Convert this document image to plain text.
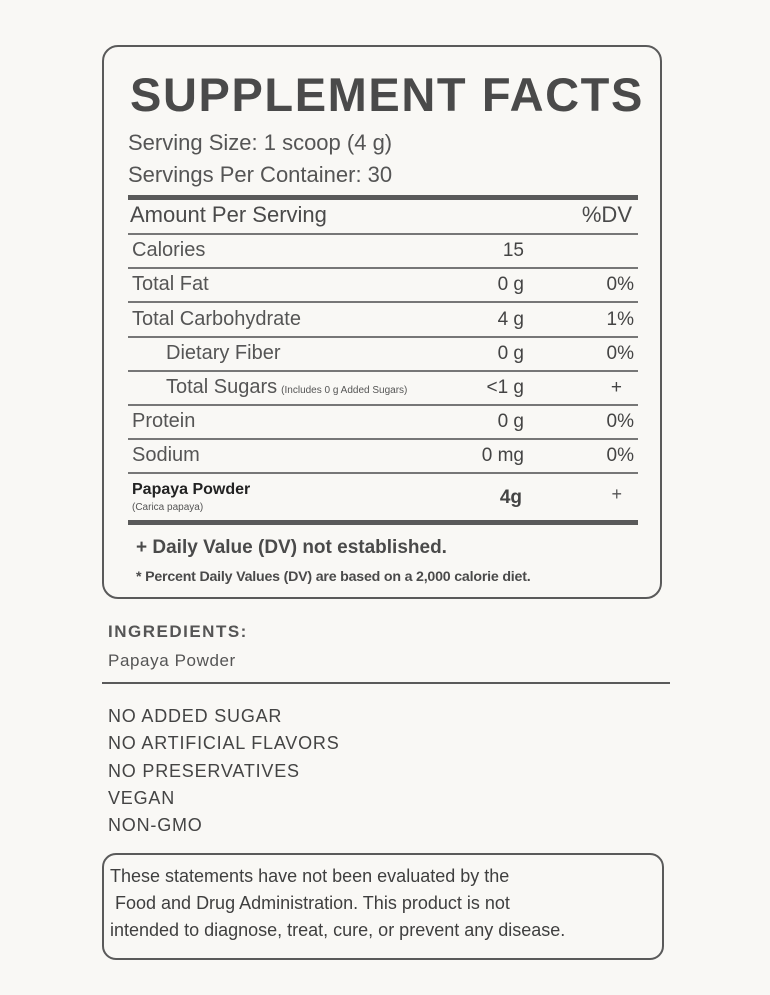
SUPPLEMENT FACTS
Serving Size: 1 scoop (4 g)
Servings Per Container: 30
Amount Per Serving	%DV
Calories	15
Total Fat	0 g	0%
Total Carbohydrate	4 g	1%
Dietary Fiber	0 g	0%
Total Sugars (Includes 0 g Added Sugars)	<1 g	+
Protein	0 g	0%
Sodium	0 mg	0%
Papaya Powder
(Carica papaya)	4g	+
+ Daily Value (DV) not established.
* Percent Daily Values (DV) are based on a 2,000 calorie diet.
INGREDIENTS:
Papaya Powder
NO ADDED SUGAR
NO ARTIFICIAL FLAVORS
NO PRESERVATIVES
VEGAN
NON-GMO

These statements have not been evaluated by the
Food and Drug Administration. This product is not
intended to diagnose, treat, cure, or prevent any disease.
